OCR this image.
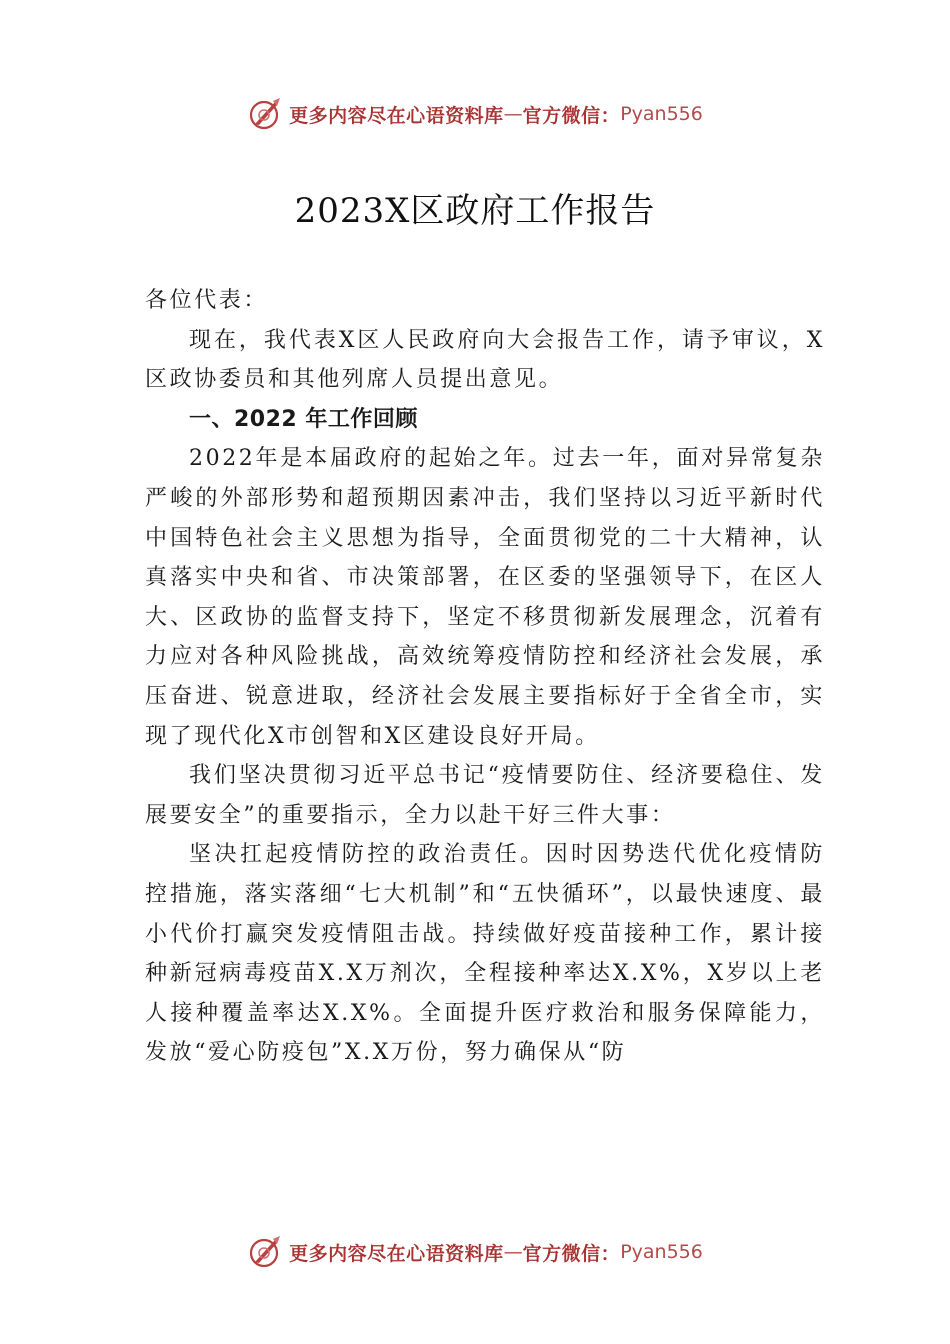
更多内容尽在心语资料库 — 官方微信： Pyan556
2023X区政府工作报告

各位代表：

现在，我代表X区人民政府向大会报告工作，请予审议，X区政协委员和其他列席人员提出意见。

一、2022 年工作回顾

2022年是本届政府的起始之年。过去一年，面对异常复杂严峻的外部形势和超预期因素冲击，我们坚持以习近平新时代中国特色社会主义思想为指导，全面贯彻党的二十大精神，认真落实中央和省、市决策部署，在区委的坚强领导下，在区人大、区政协的监督支持下，坚定不移贯彻新发展理念，沉着有力应对各种风险挑战，高效统筹疫情防控和经济社会发展，承压奋进、锐意进取，经济社会发展主要指标好于全省全市，实现了现代化X市创智和X区建设良好开局。

我们坚决贯彻习近平总书记“疫情要防住、经济要稳住、发展要安全”的重要指示，全力以赴干好三件大事：

坚决扛起疫情防控的政治责任。因时因势迭代优化疫情防控措施，落实落细“七大机制”和“五快循环”，以最快速度、最小代价打赢突发疫情阻击战。持续做好疫苗接种工作，累计接种新冠病毒疫苗X.X万剂次，全程接种率达X.X%，X岁以上老人接种覆盖率达X.X%。全面提升医疗救治和服务保障能力，发放“爱心防疫包”X.X万份，努力确保从“防

更多内容尽在心语资料库 — 官方微信： Pyan556
